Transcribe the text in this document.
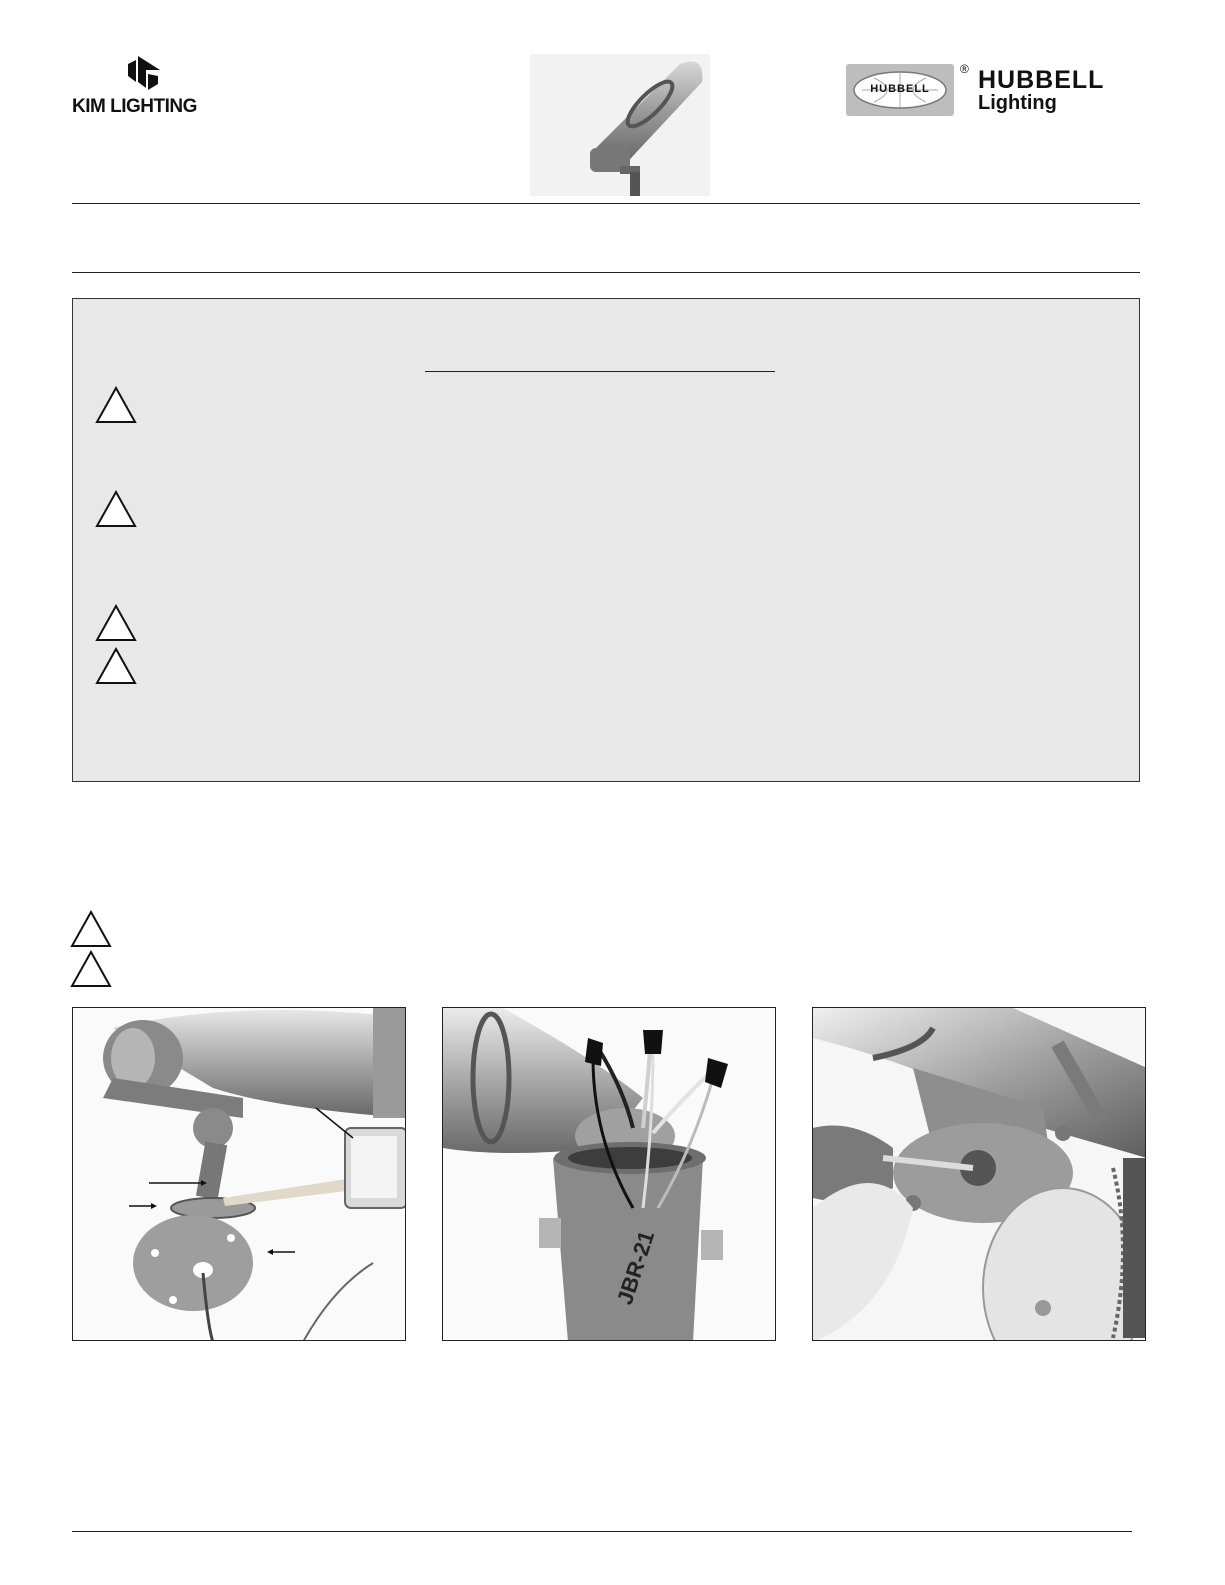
KIM LIGHTING
HUBBELL
® HUBBELL
Lighting
JBR-21
